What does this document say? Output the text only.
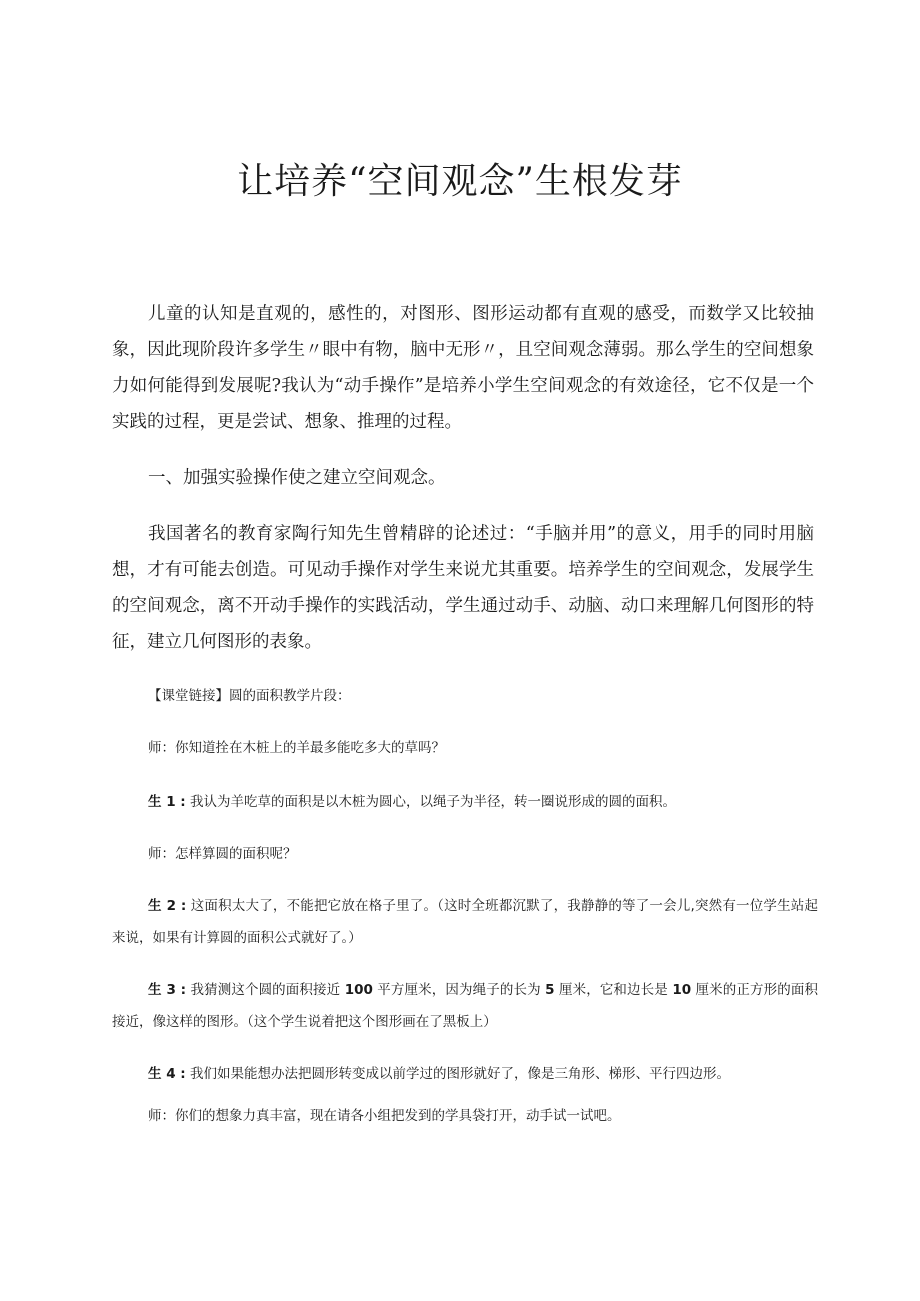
让培养“空间观念”生根发芽

儿童的认知是直观的，感性的，对图形、图形运动都有直观的感受，而数学又比较抽象，因此现阶段许多学生〃眼中有物，脑中无形〃，且空间观念薄弱。那么学生的空间想象力如何能得到发展呢?我认为“动手操作”是培养小学生空间观念的有效途径，它不仅是一个实践的过程，更是尝试、想象、推理的过程。

一、加强实验操作使之建立空间观念。

我国著名的教育家陶行知先生曾精辟的论述过：“手脑并用”的意义，用手的同时用脑想，才有可能去创造。可见动手操作对学生来说尤其重要。培养学生的空间观念，发展学生的空间观念，离不开动手操作的实践活动，学生通过动手、动脑、动口来理解几何图形的特征，建立几何图形的表象。

【课堂链接】圆的面积教学片段：

师：你知道拴在木桩上的羊最多能吃多大的草吗？

生 1 : 我认为羊吃草的面积是以木桩为圆心，以绳子为半径，转一圈说形成的圆的面积。

师：怎样算圆的面积呢？

生 2 : 这面积太大了，不能把它放在格子里了。（这时全班都沉默了，我静静的等了一会儿,突然有一位学生站起来说，如果有计算圆的面积公式就好了。）

生 3 : 我猜测这个圆的面积接近 100 平方厘米，因为绳子的长为 5 厘米，它和边长是 10 厘米的正方形的面积接近，像这样的图形。（这个学生说着把这个图形画在了黑板上）

生 4 : 我们如果能想办法把圆形转变成以前学过的图形就好了，像是三角形、梯形、平行四边形。

师：你们的想象力真丰富，现在请各小组把发到的学具袋打开，动手试一试吧。
